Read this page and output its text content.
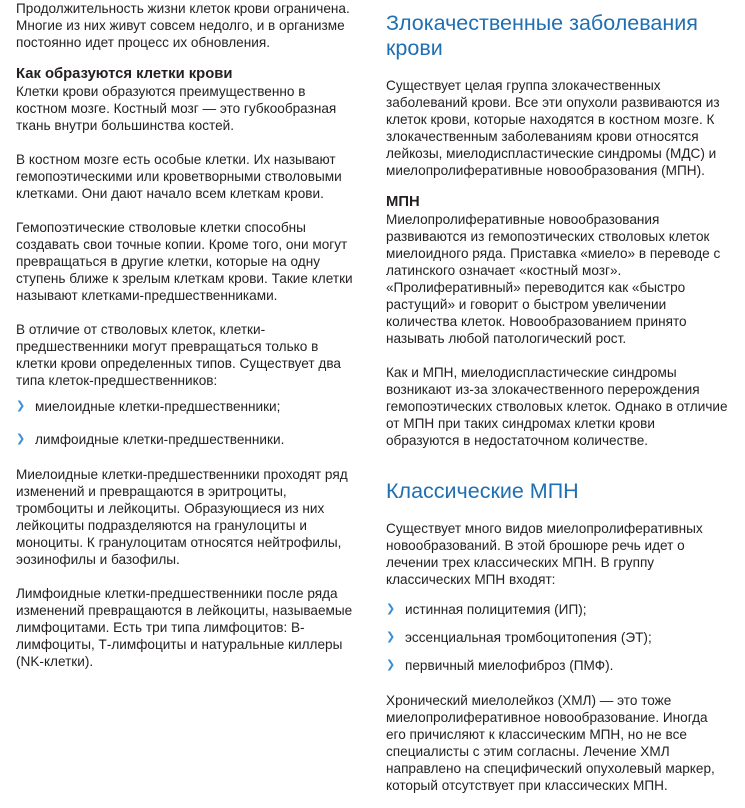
Продолжительность жизни клеток крови ограничена. Многие из них живут совсем недолго, и в организме постоянно идет процесс их обновления.

Как образуются клетки крови

Клетки крови образуются преимущественно в костном мозге. Костный мозг — это губкообразная ткань внутри большинства костей.

В костном мозге есть особые клетки. Их называют гемопоэтическими или кроветворными стволовыми клетками. Они дают начало всем клеткам крови.

Гемопоэтические стволовые клетки способны создавать свои точные копии. Кроме того, они могут превращаться в другие клетки, которые на одну ступень ближе к зрелым клеткам крови. Такие клетки называют клетками-предшественниками.

В отличие от стволовых клеток, клетки-предшественники могут превращаться только в клетки крови определенных типов. Существует два типа клеток-предшественников:

❯ миелоидные клетки-предшественники;
❯ лимфоидные клетки-предшественники.

Миелоидные клетки-предшественники проходят ряд изменений и превращаются в эритроциты, тромбоциты и лейкоциты. Образующиеся из них лейкоциты подразделяются на гранулоциты и моноциты. К гранулоцитам относятся нейтрофилы, эозинофилы и базофилы.

Лимфоидные клетки-предшественники после ряда изменений превращаются в лейкоциты, называемые лимфоцитами. Есть три типа лимфоцитов: В-лимфоциты, Т-лимфоциты и натуральные киллеры (NK-клетки).

Злокачественные заболевания крови

Существует целая группа злокачественных заболеваний крови. Все эти опухоли развиваются из клеток крови, которые находятся в костном мозге. К злокачественным заболеваниям крови относятся лейкозы, миелодиспластические синдромы (МДС) и миелопролиферативные новообразования (МПН).

МПН

Миелопролиферативные новообразования развиваются из гемопоэтических стволовых клеток миелоидного ряда. Приставка «миело» в переводе с латинского означает «костный мозг». «Пролиферативный» переводится как «быстро растущий» и говорит о быстром увеличении количества клеток. Новообразованием принято называть любой патологический рост.

Как и МПН, миелодиспластические синдромы возникают из-за злокачественного перерождения гемопоэтических стволовых клеток. Однако в отличие от МПН при таких синдромах клетки крови образуются в недостаточном количестве.

Классические МПН

Существует много видов миелопролиферативных новообразований. В этой брошюре речь идет о лечении трех классических МПН. В группу классических МПН входят:

❯ истинная полицитемия (ИП);
❯ эссенциальная тромбоцитопения (ЭТ);
❯ первичный миелофиброз (ПМФ).

Хронический миелолейкоз (ХМЛ) — это тоже миелопролиферативное новообразование. Иногда его причисляют к классическим МПН, но не все специалисты с этим согласны. Лечение ХМЛ направлено на специфический опухолевый маркер, который отсутствует при классических МПН.
